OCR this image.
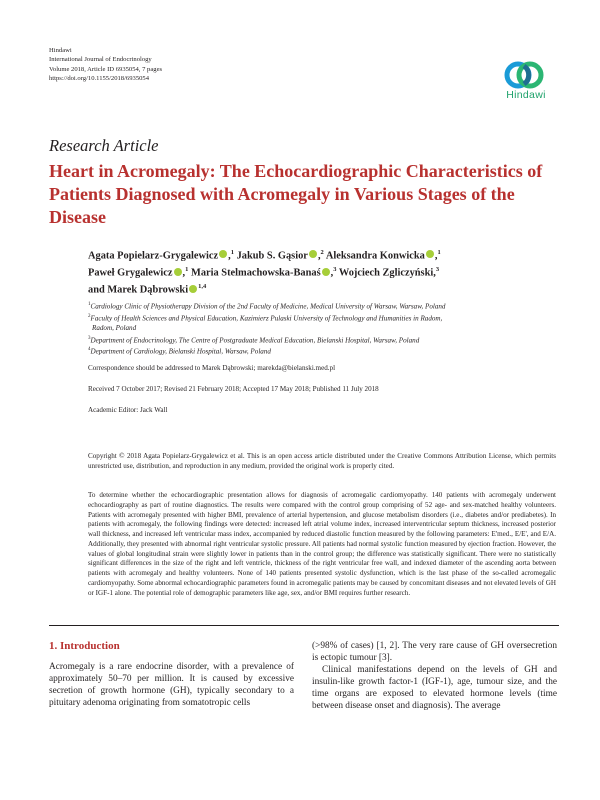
Hindawi
International Journal of Endocrinology
Volume 2018, Article ID 6935054, 7 pages
https://doi.org/10.1155/2018/6935054
Hindawi
Research Article
Heart in Acromegaly: The Echocardiographic Characteristics of Patients Diagnosed with Acromegaly in Various Stages of the Disease
Agata Popielarz-Grygalewicz ,$^1$ Jakub S. Gąsior ,$^2$ Aleksandra Konwicka ,$^1$
Paweł Grygalewicz ,$^1$ Maria Stelmachowska-Banaś ,$^3$ Wojciech Zgliczyński,$^3$
and Marek Dąbrowski $^{1,4}$
$^1$Cardiology Clinic of Physiotherapy Division of the 2nd Faculty of Medicine, Medical University of Warsaw, Warsaw, Poland
$^2$Faculty of Health Sciences and Physical Education, Kazimierz Pulaski University of Technology and Humanities in Radom,
Radom, Poland
$^3$Department of Endocrinology, The Centre of Postgraduate Medical Education, Bielanski Hospital, Warsaw, Poland
$^4$Department of Cardiology, Bielanski Hospital, Warsaw, Poland
Correspondence should be addressed to Marek Dąbrowski; marekda@bielanski.med.pl
Received 7 October 2017; Revised 21 February 2018; Accepted 17 May 2018; Published 11 July 2018
Academic Editor: Jack Wall
Copyright © 2018 Agata Popielarz-Grygalewicz et al. This is an open access article distributed under the Creative Commons Attribution License, which permits unrestricted use, distribution, and reproduction in any medium, provided the original work is properly cited.
To determine whether the echocardiographic presentation allows for diagnosis of acromegalic cardiomyopathy. 140 patients with acromegaly underwent echocardiography as part of routine diagnostics. The results were compared with the control group comprising of 52 age- and sex-matched healthy volunteers. Patients with acromegaly presented with higher BMI, prevalence of arterial hypertension, and glucose metabolism disorders (i.e., diabetes and/or prediabetes). In patients with acromegaly, the following findings were detected: increased left atrial volume index, increased interventricular septum thickness, increased posterior wall thickness, and increased left ventricular mass index, accompanied by reduced diastolic function measured by the following parameters: E'med., E/E', and E/A. Additionally, they presented with abnormal right ventricular systolic pressure. All patients had normal systolic function measured by ejection fraction. However, the values of global longitudinal strain were slightly lower in patients than in the control group; the difference was statistically significant. There were no statistically significant differences in the size of the right and left ventricle, thickness of the right ventricular free wall, and indexed diameter of the ascending aorta between patients with acromegaly and healthy volunteers. None of 140 patients presented systolic dysfunction, which is the last phase of the so-called acromegalic cardiomyopathy. Some abnormal echocardiographic parameters found in acromegalic patients may be caused by concomitant diseases and not elevated levels of GH or IGF-1 alone. The potential role of demographic parameters like age, sex, and/or BMI requires further research.
1. Introduction
Acromegaly is a rare endocrine disorder, with a prevalence of approximately 50–70 per million. It is caused by excessive secretion of growth hormone (GH), typically secondary to a pituitary adenoma originating from somatotropic cells
(>98% of cases) [1, 2]. The very rare cause of GH oversecretion is ectopic tumour [3].
Clinical manifestations depend on the levels of GH and insulin-like growth factor-1 (IGF-1), age, tumour size, and the time organs are exposed to elevated hormone levels (time between disease onset and diagnosis). The average
